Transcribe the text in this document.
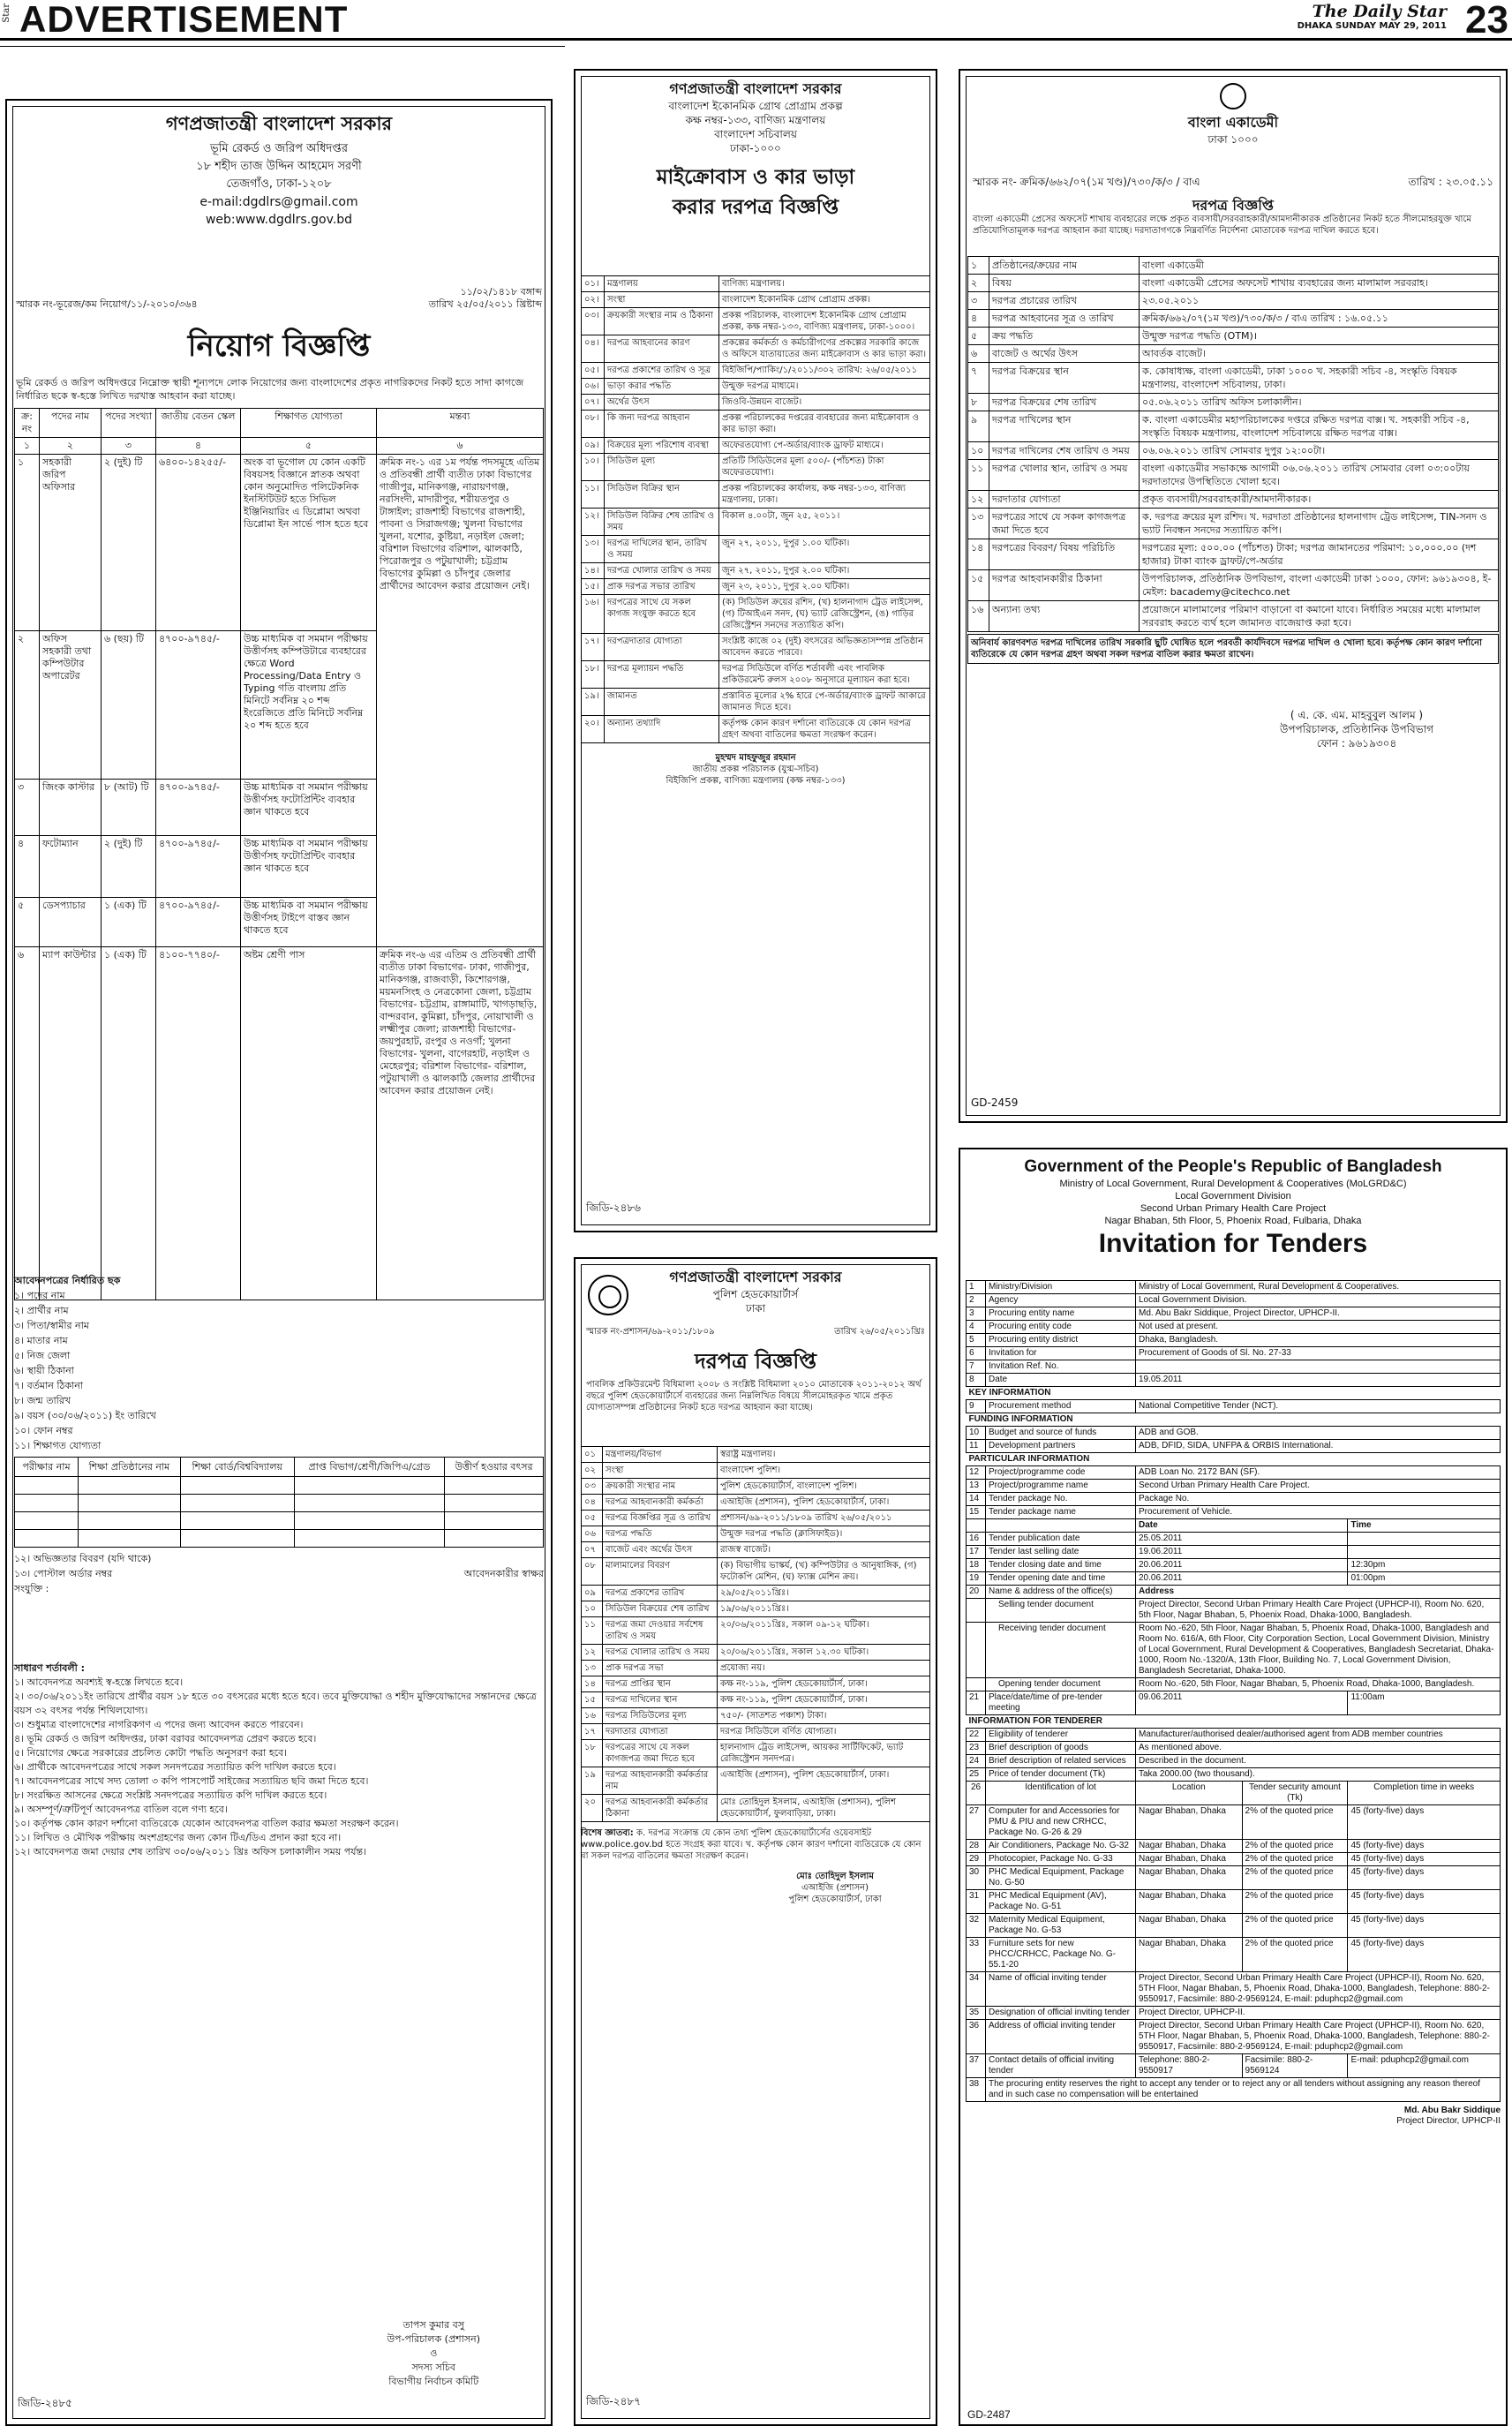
Star ADVERTISEMENT	The Daily Star
DHAKA SUNDAY MAY 29, 2011 23
গণপ্রজাতন্ত্রী বাংলাদেশ সরকার
ভূমি রেকর্ড ও জরিপ অধিদপ্তর
১৮ শহীদ তাজ উদ্দিন আহমেদ সরণী
তেজগাঁও, ঢাকা-১২০৮
e-mail:dgdlrs@gmail.com
web:www.dgdlrs.gov.bd
স্মারক নং-ভূরেজ/কম নিয়োগ/১১/-২০১০/৩৬৪
১১/০২/১৪১৮ বঙ্গাব্দ
তারিখ ২৫/০৫/২০১১ খ্রিষ্টাব্দ
নিয়োগ বিজ্ঞপ্তি
ভূমি রেকর্ড ও জরিপ অধিদপ্তরে নিম্নোক্ত স্থায়ী শূন্যপদে লোক নিয়োগের জন্য বাংলাদেশের প্রকৃত নাগরিকদের নিকট হতে সাদা কাগজে নির্ধারিত ছকে স্ব-হস্তে লিখিত দরখাস্ত আহবান করা যাচ্ছে।
ক্র: নং	পদের নাম	পদের সংখ্যা	জাতীয় বেতন স্কেল	শিক্ষাগত যোগ্যতা	মন্তব্য
১	২	৩	৪	৫	৬
১	সহকারী জরিপ অফিসার	২ (দুই) টি	৬৪০০-১৪২৫৫/-	অংক বা ভূগোল যে কোন একটি বিষয়সহ বিজ্ঞানে স্নাতক অথবা কোন অনুমোদিত পলিটেকনিক ইনস্টিটিউট হতে সিভিল ইঞ্জিনিয়ারিং এ ডিপ্লোমা অথবা ডিপ্লোমা ইন সার্ভে পাস হতে হবে	ক্রমিক নং-১ এর ১ম পর্যন্ত পদসমূহে এতিম ও প্রতিবন্ধী প্রার্থী ব্যতীত ঢাকা বিভাগের গাজীপুর, মানিকগঞ্জ, নারায়ণগঞ্জ, নরসিংদী, মাদারীপুর, শরীয়তপুর ও টাঙ্গাইল; রাজশাহী বিভাগের রাজশাহী, পাবনা ও সিরাজগঞ্জ; খুলনা বিভাগের খুলনা, যশোর, কুষ্টিয়া, নড়াইল জেলা; বরিশাল বিভাগের বরিশাল, ঝালকাঠি, পিরোজপুর ও পটুয়াখালী; চট্টগ্রাম বিভাগের কুমিল্লা ও চাঁদপুর জেলার প্রার্থীদের আবেদন করার প্রয়োজন নেই।
২	অফিস সহকারী তথা কম্পিউটার অপারেটর	৬ (ছয়) টি	৪৭০০-৯৭৪৫/-	উচ্চ মাধ্যমিক বা সমমান পরীক্ষায় উত্তীর্ণসহ কম্পিউটারে ব্যবহারের ক্ষেত্রে Word Processing/Data Entry ও Typing গতি বাংলায় প্রতি মিনিটে সর্বনিম্ন ২০ শব্দ ইংরেজিতে প্রতি মিনিটে সর্বনিম্ন ২০ শব্দ হতে হবে	
৩	জিংক কাস্টার	৮ (আট) টি	৪৭০০-৯৭৪৫/-	উচ্চ মাধ্যমিক বা সমমান পরীক্ষায় উত্তীর্ণসহ ফটোপ্রিন্টিং ব্যবহার জ্ঞান থাকতে হবে	
৪	ফটোম্যান	২ (দুই) টি	৪৭০০-৯৭৪৫/-	উচ্চ মাধ্যমিক বা সমমান পরীক্ষায় উত্তীর্ণসহ ফটোপ্রিন্টিং ব্যবহার জ্ঞান থাকতে হবে	
৫	ডেসপ্যাচার	১ (এক) টি	৪৭০০-৯৭৪৫/-	উচ্চ মাধ্যমিক বা সমমান পরীক্ষায় উত্তীর্ণসহ টাইপে বাস্তব জ্ঞান থাকতে হবে	
৬	ম্যাপ কাউন্টার	১ (এক) টি	৪১০০-৭৭৪০/-	অষ্টম শ্রেণী পাস	ক্রমিক নং-৬ এর এতিম ও প্রতিবন্ধী প্রার্থী ব্যতীত ঢাকা বিভাগের- ঢাকা, গাজীপুর, মানিকগঞ্জ, রাজবাড়ী, কিশোরগঞ্জ, ময়মনসিংহ ও নেত্রকোনা জেলা, চট্টগ্রাম বিভাগের- চট্টগ্রাম, রাঙ্গামাটি, খাগড়াছড়ি, বান্দরবান, কুমিল্লা, চাঁদপুর, নোয়াখালী ও লক্ষ্মীপুর জেলা; রাজশাহী বিভাগের- জয়পুরহাট, রংপুর ও নওগাঁ; খুলনা বিভাগের- খুলনা, বাগেরহাট, নড়াইল ও মেহেরপুর; বরিশাল বিভাগের- বরিশাল, পটুয়াখালী ও ঝালকাঠি জেলার প্রার্থীদের আবেদন করার প্রয়োজন নেই।
আবেদনপত্রের নির্ধারিত ছক
১। পদের নাম
২। প্রার্থীর নাম
৩। পিতা/স্বামীর নাম
৪। মাতার নাম
৫। নিজ জেলা
৬। স্থায়ী ঠিকানা
৭। বর্তমান ঠিকানা
৮। জন্ম তারিখ
৯। বয়স (৩০/০৬/২০১১) ইং তারিখে
১০। ফোন নম্বর
১১। শিক্ষাগত যোগ্যতা
পরীক্ষার নাম	শিক্ষা প্রতিষ্ঠানের নাম	শিক্ষা বোর্ড/বিশ্ববিদ্যালয়	প্রাপ্ত বিভাগ/শ্রেণী/জিপিএ/গ্রেড	উত্তীর্ণ হওয়ার বৎসর

১২। অভিজ্ঞতার বিবরণ (যদি থাকে)
১৩। পোস্টাল অর্ডার নম্বর	আবেদনকারীর স্বাক্ষর
সংযুক্তি :
সাধারণ শর্তাবলী :
১। আবেদনপত্র অবশ্যই স্ব-হস্তে লিখতে হবে।
২। ৩০/০৬/২০১১ইং তারিখে প্রার্থীর বয়স ১৮ হতে ৩০ বৎসরের মধ্যে হতে হবে। তবে মুক্তিযোদ্ধা ও শহীদ মুক্তিযোদ্ধাদের সন্তানদের ক্ষেত্রে বয়স ৩২ বৎসর পর্যন্ত শিথিলযোগ্য।
৩। শুধুমাত্র বাংলাদেশের নাগরিকগণ এ পদের জন্য আবেদন করতে পারবেন।
৪। ভূমি রেকর্ড ও জরিপ অধিদপ্তর, ঢাকা বরাবর আবেদনপত্র প্রেরণ করতে হবে।
৫। নিয়োগের ক্ষেত্রে সরকারের প্রচলিত কোটা পদ্ধতি অনুসরণ করা হবে।
৬। প্রার্থীকে আবেদনপত্রের সাথে সকল সনদপত্রের সত্যায়িত কপি দাখিল করতে হবে।
৭। আবেদনপত্রের সাথে সদ্য তোলা ৩ কপি পাসপোর্ট সাইজের সত্যায়িত ছবি জমা দিতে হবে।
৮। সংরক্ষিত আসনের ক্ষেত্রে সংশ্লিষ্ট সনদপত্রের সত্যায়িত কপি দাখিল করতে হবে।
৯। অসম্পূর্ণ/ত্রুটিপূর্ণ আবেদনপত্র বাতিল বলে গণ্য হবে।
১০। কর্তৃপক্ষ কোন কারণ দর্শানো ব্যতিরেকে যেকোন আবেদনপত্র বাতিল করার ক্ষমতা সংরক্ষণ করেন।
১১। লিখিত ও মৌখিক পরীক্ষায় অংশগ্রহণের জন্য কোন টিএ/ডিএ প্রদান করা হবে না।
১২। আবেদনপত্র জমা দেয়ার শেষ তারিখ ৩০/০৬/২০১১ খ্রিঃ অফিস চলাকালীন সময় পর্যন্ত।
তাপস কুমার বসু
উপ-পরিচালক (প্রশাসন)
ও
সদস্য সচিব
বিভাগীয় নির্বাচন কমিটি
জিডি-২৪৮৫
গণপ্রজাতন্ত্রী বাংলাদেশ সরকার
বাংলাদেশ ইকোনমিক গ্রোথ প্রোগ্রাম প্রকল্প
কক্ষ নম্বর-১৩৩, বাণিজ্য মন্ত্রণালয়
বাংলাদেশ সচিবালয়
ঢাকা-১০০০
মাইক্রোবাস ও কার ভাড়া
করার দরপত্র বিজ্ঞপ্তি
০১।	মন্ত্রণালয়	বাণিজ্য মন্ত্রণালয়।
০২।	সংস্থা	বাংলাদেশ ইকোনমিক গ্রোথ প্রোগ্রাম প্রকল্প।
০৩।	ক্রয়কারী সংস্থার নাম ও ঠিকানা	প্রকল্প পরিচালক, বাংলাদেশ ইকোনমিক গ্রোথ প্রোগ্রাম প্রকল্প, কক্ষ নম্বর-১৩৩, বাণিজ্য মন্ত্রণালয়, ঢাকা-১০০০।
০৪।	দরপত্র আহবানের কারণ	প্রকল্পের কর্মকর্তা ও কর্মচারীগণের প্রকল্পের সরকারি কাজে ও অফিসে যাতায়াতের জন্য মাইক্রোবাস ও কার ভাড়া করা।
০৫।	দরপত্র প্রকাশের তারিখ ও সূত্র	বিইজিপি/প্যাকিং/১/২০১১/৩০২ তারিখ: ২৬/০৫/২০১১
০৬।	ভাড়া করার পদ্ধতি	উন্মুক্ত দরপত্র মাধ্যমে।
০৭।	অর্থের উৎস	জিওবি-উন্নয়ন বাজেট।
০৮।	কি জন্য দরপত্র আহবান	প্রকল্প পরিচালকের দপ্তরের ব্যবহারের জন্য মাইক্রোবাস ও কার ভাড়া করা।
০৯।	বিক্রয়ের মূল্য পরিশোধ ব্যবস্থা	অফেরতযোগ্য পে-অর্ডার/ব্যাংক ড্রাফট মাধ্যমে।
১০।	সিডিউল মূল্য	প্রতিটি সিডিউলের মূল্য ৫০০/- (পাঁচশত) টাকা অফেরতযোগ্য।
১১।	সিডিউল বিক্রির স্থান	প্রকল্প পরিচালকের কার্যালয়, কক্ষ নম্বর-১৩৩, বাণিজ্য মন্ত্রণালয়, ঢাকা।
১২।	সিডিউল বিক্রির শেষ তারিখ ও সময়	বিকাল ৪.০০টা, জুন ২৫, ২০১১।
১৩।	দরপত্র দাখিলের স্থান, তারিখ ও সময়	জুন ২৭, ২০১১, দুপুর ১.০০ ঘটিকা।
১৪।	দরপত্র খোলার তারিখ ও সময়	জুন ২৭, ২০১১, দুপুর ২.০০ ঘটিকা।
১৫।	প্রাক দরপত্র সভার তারিখ	জুন ২৩, ২০১১, দুপুর ২.০০ ঘটিকা।
১৬।	দরপত্রের সাথে যে সকল কাগজ সংযুক্ত করতে হবে	(ক) সিডিউল ক্রয়ের রশিদ, (খ) হালনাগাদ ট্রেড লাইসেন্স, (গ) টিআইএন সনদ, (ঘ) ভ্যাট রেজিস্ট্রেশন, (ঙ) গাড়ির রেজিস্ট্রেশন সনদের সত্যায়িত কপি।
১৭।	দরপত্রদাতার যোগ্যতা	সংশ্লিষ্ট কাজে ০২ (দুই) বৎসরের অভিজ্ঞতাসম্পন্ন প্রতিষ্ঠান আবেদন করতে পারবে।
১৮।	দরপত্র মূল্যায়ন পদ্ধতি	দরপত্র সিডিউলে বর্ণিত শর্তাবলী এবং পাবলিক প্রকিউরমেন্ট রুলস ২০০৮ অনুসারে মূল্যায়ন করা হবে।
১৯।	জামানত	প্রস্তাবিত মূল্যের ২% হারে পে-অর্ডার/ব্যাংক ড্রাফট আকারে জামানত দিতে হবে।
২০।	অন্যান্য তথ্যাদি	কর্তৃপক্ষ কোন কারণ দর্শানো ব্যতিরেকে যে কোন দরপত্র গ্রহণ অথবা বাতিলের ক্ষমতা সংরক্ষণ করেন।
মুহম্মদ মাহফুজুর রহমান
জাতীয় প্রকল্প পরিচালক (যুগ্ম-সচিব)
বিইজিপি প্রকল্প, বাণিজ্য মন্ত্রণালয় (কক্ষ নম্বর-১৩৩)
জিডি-২৪৮৬
গণপ্রজাতন্ত্রী বাংলাদেশ সরকার
পুলিশ হেডকোয়ার্টার্স
ঢাকা
স্মারক নং-প্রশাসন/৬৯-২০১১/১৮০৯	তারিখ ২৬/০৫/২০১১খ্রিঃ
দরপত্র বিজ্ঞপ্তি
পাবলিক প্রকিউরমেন্ট বিধিমালা ২০০৮ ও সংশ্লিষ্ট বিধিমালা ২০১০ মোতাবেক ২০১১-২০১২ অর্থ বছরে পুলিশ হেডকোয়ার্টার্সে ব্যবহারের জন্য নিম্নলিখিত বিষয়ে সীলমোহরকৃত খামে প্রকৃত যোগ্যতাসম্পন্ন প্রতিষ্ঠানের নিকট হতে দরপত্র আহবান করা যাচ্ছে।
০১	মন্ত্রণালয়/বিভাগ	স্বরাষ্ট্র মন্ত্রণালয়।
০২	সংস্থা	বাংলাদেশ পুলিশ।
০৩	ক্রয়কারী সংস্থার নাম	পুলিশ হেডকোয়ার্টার্স, বাংলাদেশ পুলিশ।
০৪	দরপত্র আহবানকারী কর্মকর্তা	এআইজি (প্রশাসন), পুলিশ হেডকোয়ার্টার্স, ঢাকা।
০৫	দরপত্র বিজ্ঞপ্তির সূত্র ও তারিখ	প্রশাসন/৬৯-২০১১/১৮০৯ তারিখ ২৬/০৫/২০১১
০৬	দরপত্র পদ্ধতি	উন্মুক্ত দরপত্র পদ্ধতি (ক্লাসিফাইড)।
০৭	বাজেট এবং অর্থের উৎস	রাজস্ব বাজেট।
০৮	মালামালের বিবরণ	(ক) বিভাগীয় ভাস্কর্য, (খ) কম্পিউটার ও আনুষাঙ্গিক, (গ) ফটোকপি মেশিন, (ঘ) ফ্যাক্স মেশিন ক্রয়।
০৯	দরপত্র প্রকাশের তারিখ	২৯/০৫/২০১১খ্রিঃ।
১০	সিডিউল বিক্রয়ের শেষ তারিখ	১৯/০৬/২০১১খ্রিঃ।
১১	দরপত্র জমা দেওয়ার সর্বশেষ তারিখ ও সময়	২০/০৬/২০১১খ্রিঃ, সকাল ০৯-১২ ঘটিকা।
১২	দরপত্র খোলার তারিখ ও সময়	২০/০৬/২০১১খ্রিঃ, সকাল ১২.৩০ ঘটিকা।
১৩	প্রাক দরপত্র সভা	প্রযোজ্য নয়।
১৪	দরপত্র প্রাপ্তির স্থান	কক্ষ নং-১১৯, পুলিশ হেডকোয়ার্টার্স, ঢাকা।
১৫	দরপত্র দাখিলের স্থান	কক্ষ নং-১১৯, পুলিশ হেডকোয়ার্টার্স, ঢাকা।
১৬	দরপত্র সিডিউলের মূল্য	৭৫০/- (সাতশত পঞ্চাশ) টাকা।
১৭	দরদাতার যোগ্যতা	দরপত্র সিডিউলে বর্ণিত যোগ্যতা।
১৮	দরপত্রের সাথে যে সকল কাগজপত্র জমা দিতে হবে	হালনাগাদ ট্রেড লাইসেন্স, আয়কর সার্টিফিকেট, ভ্যাট রেজিস্ট্রেশন সনদপত্র।
১৯	দরপত্র আহবানকারী কর্মকর্তার নাম	এআইজি (প্রশাসন), পুলিশ হেডকোয়ার্টার্স, ঢাকা।
২০	দরপত্র আহবানকারী কর্মকর্তার ঠিকানা	মোঃ তোহিদুল ইসলাম, এআইজি (প্রশাসন), পুলিশ হেডকোয়ার্টার্স, ফুলবাড়িয়া, ঢাকা।
বিশেষ জ্ঞাতব্য: ক. দরপত্র সংক্রান্ত যে কোন তথ্য পুলিশ হেডকোয়ার্টার্সের ওয়েবসাইট www.police.gov.bd হতে সংগ্রহ করা যাবে। খ. কর্তৃপক্ষ কোন কারণ দর্শানো ব্যতিরেকে যে কোন বা সকল দরপত্র বাতিলের ক্ষমতা সংরক্ষণ করেন।
মোঃ তোহিদুল ইসলাম
এআইজি (প্রশাসন)
পুলিশ হেডকোয়ার্টার্স, ঢাকা
জিডি-২৪৮৭
বাংলা একাডেমী
ঢাকা ১০০০
স্মারক নং- ক্রমিক/৬৬২/০৭(১ম খণ্ড)/৭৩০/ক/৩ / বাএ	তারিখ : ২৩.০৫.১১
দরপত্র বিজ্ঞপ্তি
বাংলা একাডেমী প্রেসের অফসেট শাখায় ব্যবহারের লক্ষে প্রকৃত ব্যবসায়ী/সরবরাহকারী/আমদানীকারক প্রতিষ্ঠানের নিকট হতে সীলমোহরযুক্ত খামে প্রতিযোগিতামূলক দরপত্র আহবান করা যাচ্ছে। দরদাতাগণকে নিম্নবর্ণিত নির্দেশনা মোতাবেক দরপত্র দাখিল করতে হবে।
১	প্রতিষ্ঠানের/ক্রয়ের নাম	বাংলা একাডেমী
২	বিষয়	বাংলা একাডেমী প্রেসের অফসেট শাখায় ব্যবহারের জন্য মালামাল সরবরাহ।
৩	দরপত্র প্রচারের তারিখ	২৩.০৫.২০১১
৪	দরপত্র আহবানের সূত্র ও তারিখ	ক্রমিক/৬৬২/০৭(১ম খণ্ড)/৭৩০/ক/৩ / বাএ তারিখ : ১৬.০৫.১১
৫	ক্রয় পদ্ধতি	উন্মুক্ত দরপত্র পদ্ধতি (OTM)।
৬	বাজেট ও অর্থের উৎস	আবর্তক বাজেট।
৭	দরপত্র বিক্রয়ের স্থান	ক. কোষাধ্যক্ষ, বাংলা একাডেমী, ঢাকা ১০০০ খ. সহকারী সচিব -৪, সংস্কৃতি বিষয়ক মন্ত্রণালয়, বাংলাদেশ সচিবালয়, ঢাকা।
৮	দরপত্র বিক্রয়ের শেষ তারিখ	০৫.০৬.২০১১ তারিখ অফিস চলাকালীন।
৯	দরপত্র দাখিলের স্থান	ক. বাংলা একাডেমীর মহাপরিচালকের দপ্তরে রক্ষিত দরপত্র বাক্স। খ. সহকারী সচিব -৪, সংস্কৃতি বিষয়ক মন্ত্রণালয়, বাংলাদেশ সচিবালয়ে রক্ষিত দরপত্র বাক্স।
১০	দরপত্র দাখিলের শেষ তারিখ ও সময়	০৬.০৬.২০১১ তারিখ সোমবার দুপুর ১২:০০টা।
১১	দরপত্র খোলার স্থান, তারিখ ও সময়	বাংলা একাডেমীর সভাকক্ষে আগামী ০৬.০৬.২০১১ তারিখ সোমবার বেলা ০৩:০০টায় দরদাতাদের উপস্থিতিতে খোলা হবে।
১২	দরদাতার যোগ্যতা	প্রকৃত ব্যবসায়ী/সরবরাহকারী/আমদানীকারক।
১৩	দরপত্রের সাথে যে সকল কাগজপত্র জমা দিতে হবে	ক. দরপত্র ক্রয়ের মূল রশিদ। খ. দরদাতা প্রতিষ্ঠানের হালনাগাদ ট্রেড লাইসেন্স, TIN-সনদ ও ভ্যাট নিবন্ধন সনদের সত্যায়িত কপি।
১৪	দরপত্রের বিবরণ/ বিষয় পরিচিতি	দরপত্রের মূল্য: ৫০০.০০ (পাঁচশত) টাকা; দরপত্র জামানতের পরিমাণ: ১০,০০০.০০ (দশ হাজার) টাকা ব্যাংক ড্রাফট/পে-অর্ডার
১৫	দরপত্র আহবানকারীর ঠিকানা	উপপরিচালক, প্রতিষ্ঠানিক উপবিভাগ, বাংলা একাডেমী ঢাকা ১০০০, ফোন: ৯৬১৯৩০৪, ই-মেইল: bacademy@citechco.net
১৬	অন্যান্য তথ্য	প্রয়োজনে মালামালের পরিমাণ বাড়ানো বা কমানো যাবে। নির্ধারিত সময়ের মধ্যে মালামাল সরবরাহ করতে ব্যর্থ হলে জামানত বাজেয়াপ্ত করা হবে।
অনিবার্য কারণবশত দরপত্র দাখিলের তারিখ সরকারি ছুটি ঘোষিত হলে পরবর্তী কার্যদিবসে দরপত্র দাখিল ও খোলা হবে। কর্তৃপক্ষ কোন কারণ দর্শানো ব্যতিরেকে যে কোন দরপত্র গ্রহণ অথবা সকল দরপত্র বাতিল করার ক্ষমতা রাখেন।
( এ. কে. এম. মাহবুবুল আলম )
উপপরিচালক, প্রতিষ্ঠানিক উপবিভাগ
ফোন : ৯৬১৯৩০৪
GD-2459
Government of the People's Republic of Bangladesh
Ministry of Local Government, Rural Development & Cooperatives (MoLGRD&C)
Local Government Division
Second Urban Primary Health Care Project
Nagar Bhaban, 5th Floor, 5, Phoenix Road, Fulbaria, Dhaka
Invitation for Tenders
1	Ministry/Division	Ministry of Local Government, Rural Development & Cooperatives.		
2	Agency	Local Government Division.		
3	Procuring entity name	Md. Abu Bakr Siddique, Project Director, UPHCP-II.		
4	Procuring entity code	Not used at present.		
5	Procuring entity district	Dhaka, Bangladesh.		
6	Invitation for	Procurement of Goods of Sl. No. 27-33		
7	Invitation Ref. No.			
8	Date	19.05.2011		
KEY INFORMATION				
9	Procurement method	National Competitive Tender (NCT).		
FUNDING INFORMATION				
10	Budget and source of funds	ADB and GOB.		
11	Development partners	ADB, DFID, SIDA, UNFPA & ORBIS International.		
PARTICULAR INFORMATION				
12	Project/programme code	ADB Loan No. 2172 BAN (SF).		
13	Project/programme name	Second Urban Primary Health Care Project.		
14	Tender package No.	Package No.		
15	Tender package name	Procurement of Vehicle.		
		Date		Time
16	Tender publication date	25.05.2011		
17	Tender last selling date	19.06.2011		
18	Tender closing date and time	20.06.2011		12:30pm
19	Tender opening date and time	20.06.2011		01:00pm
20	Name & address of the office(s)	Address		
	Selling tender document	Project Director, Second Urban Primary Health Care Project (UPHCP-II), Room No. 620, 5th Floor, Nagar Bhaban, 5, Phoenix Road, Dhaka-1000, Bangladesh.		
	Receiving tender document	Room No.-620, 5th Floor, Nagar Bhaban, 5, Phoenix Road, Dhaka-1000, Bangladesh and Room No. 616/A, 6th Floor, City Corporation Section, Local Government Division, Ministry of Local Government, Rural Development & Cooperatives, Bangladesh Secretariat, Dhaka-1000, Room No.-1320/A, 13th Floor, Building No. 7, Local Government Division, Bangladesh Secretariat, Dhaka-1000.		
	Opening tender document	Room No.-620, 5th Floor, Nagar Bhaban, 5, Phoenix Road, Dhaka-1000, Bangladesh.		
21	Place/date/time of pre-tender meeting	09.06.2011		11:00am
INFORMATION FOR TENDERER				
22	Eligibility of tenderer	Manufacturer/authorised dealer/authorised agent from ADB member countries		
23	Brief description of goods	As mentioned above.		
24	Brief description of related services	Described in the document.		
25	Price of tender document (Tk)	Taka 2000.00 (two thousand).		
26	Identification of lot	Location	Tender security amount (Tk)	Completion time in weeks
27	Computer for and Accessories for PMU & PIU and new CRHCC, Package No. G-26 & 29	Nagar Bhaban, Dhaka	2% of the quoted price	45 (forty-five) days
28	Air Conditioners, Package No. G-32	Nagar Bhaban, Dhaka	2% of the quoted price	45 (forty-five) days
29	Photocopier, Package No. G-33	Nagar Bhaban, Dhaka	2% of the quoted price	45 (forty-five) days
30	PHC Medical Equipment, Package No. G-50	Nagar Bhaban, Dhaka	2% of the quoted price	45 (forty-five) days
31	PHC Medical Equipment (AV), Package No. G-51	Nagar Bhaban, Dhaka	2% of the quoted price	45 (forty-five) days
32	Maternity Medical Equipment, Package No. G-53	Nagar Bhaban, Dhaka	2% of the quoted price	45 (forty-five) days
33	Furniture sets for new PHCC/CRHCC, Package No. G-55.1-20	Nagar Bhaban, Dhaka	2% of the quoted price	45 (forty-five) days
34	Name of official inviting tender	Project Director, Second Urban Primary Health Care Project (UPHCP-II), Room No. 620, 5TH Floor, Nagar Bhaban, 5, Phoenix Road, Dhaka-1000, Bangladesh, Telephone: 880-2-9550917, Facsimile: 880-2-9569124, E-mail: pduphcp2@gmail.com		
35	Designation of official inviting tender	Project Director, UPHCP-II.		
36	Address of official inviting tender	Project Director, Second Urban Primary Health Care Project (UPHCP-II), Room No. 620, 5TH Floor, Nagar Bhaban, 5, Phoenix Road, Dhaka-1000, Bangladesh, Telephone: 880-2-9550917, Facsimile: 880-2-9569124, E-mail: pduphcp2@gmail.com		
37	Contact details of official inviting tender	Telephone: 880-2-9550917	Facsimile: 880-2-9569124	E-mail: pduphcp2@gmail.com
38	The procuring entity reserves the right to accept any tender or to reject any or all tenders without assigning any reason thereof and in such case no compensation will be entertained			
Md. Abu Bakr Siddique
Project Director, UPHCP-II
GD-2487
